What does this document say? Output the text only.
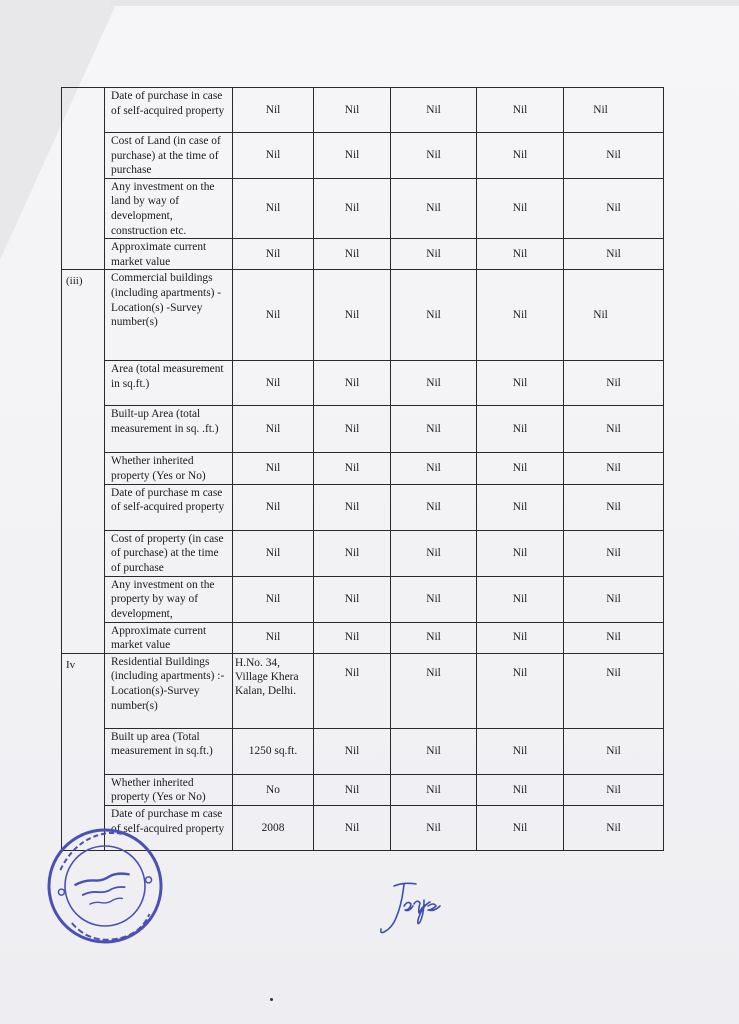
	Date of purchase in case of self-acquired property	Nil	Nil	Nil	Nil	Nil
	Cost of Land (in case of purchase) at the time of purchase	Nil	Nil	Nil	Nil	Nil
	Any investment on the land by way of development, construction etc.	Nil	Nil	Nil	Nil	Nil
	Approximate current market value	Nil	Nil	Nil	Nil	Nil
(iii)	Commercial buildings (including apartments) -Location(s) -Survey number(s)	Nil	Nil	Nil	Nil	Nil
	Area (total measurement in sq.ft.)	Nil	Nil	Nil	Nil	Nil
	Built-up Area (total measurement in sq. .ft.)	Nil	Nil	Nil	Nil	Nil
	Whether inherited property (Yes or No)	Nil	Nil	Nil	Nil	Nil
	Date of purchase m case of self-acquired property	Nil	Nil	Nil	Nil	Nil
	Cost of property (in case of purchase) at the time of purchase	Nil	Nil	Nil	Nil	Nil
	Any investment on the property by way of development,	Nil	Nil	Nil	Nil	Nil
	Approximate current market value	Nil	Nil	Nil	Nil	Nil
Iv	Residential Buildings (including apartments) :- Location(s)-Survey number(s)	H.No. 34, Village Khera Kalan, Delhi.	Nil	Nil	Nil	Nil
	Built up area (Total measurement in sq.ft.)	1250 sq.ft.	Nil	Nil	Nil	Nil
	Whether inherited property (Yes or No)	No	Nil	Nil	Nil	Nil
	Date of purchase m case of self-acquired property	2008	Nil	Nil	Nil	Nil
